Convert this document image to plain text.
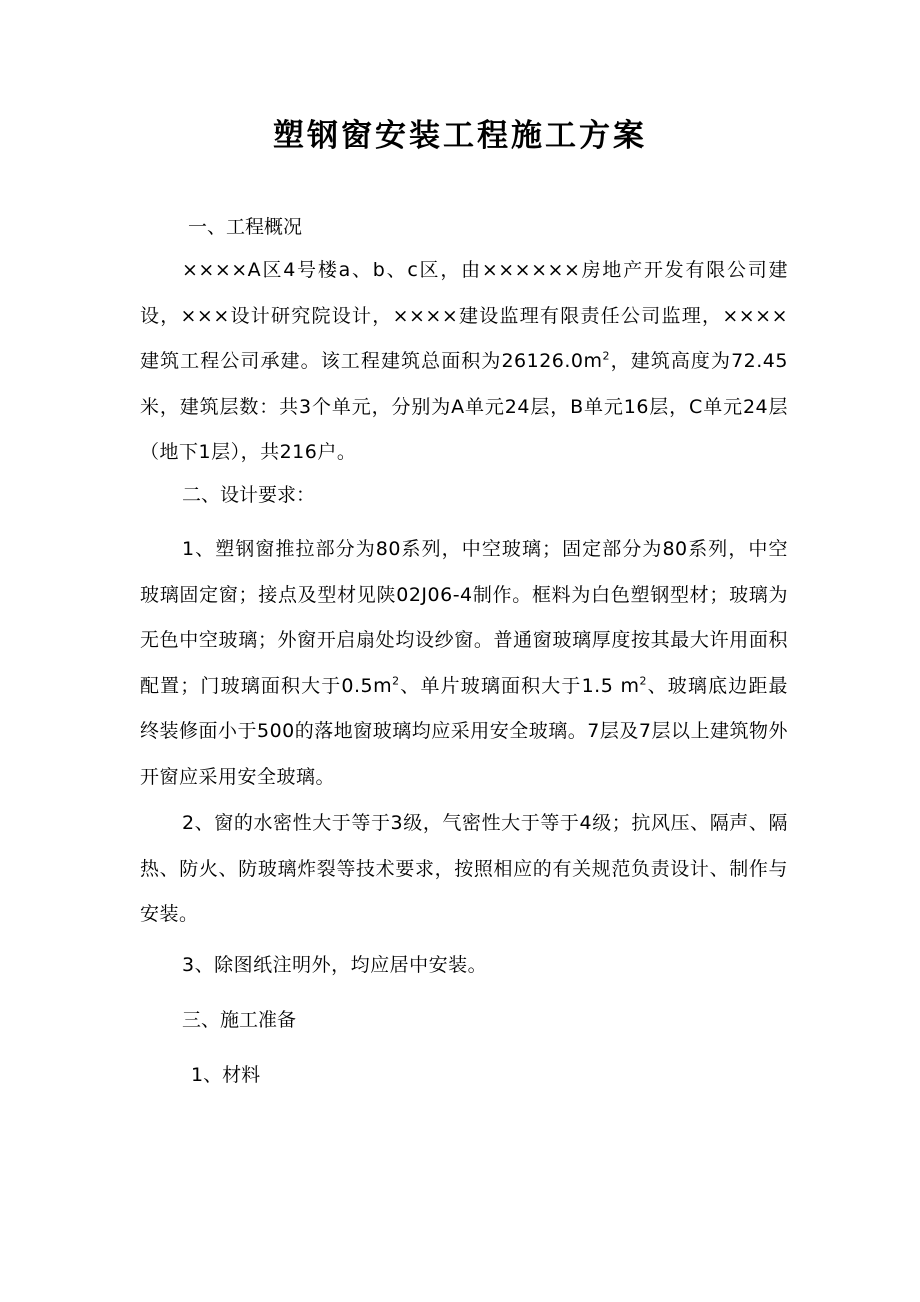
塑钢窗安装工程施工方案
一、工程概况
××××A区4号楼a、b、c区，由××××××房地产开发有限公司建设，×××设计研究院设计，××××建设监理有限责任公司监理，××××建筑工程公司承建。该工程建筑总面积为$26126.0m^2$，建筑高度为72.45米，建筑层数：共3个单元，分别为A单元24层，B单元16层，C单元24层（地下1层），共216户。
二、设计要求：
1、塑钢窗推拉部分为80系列，中空玻璃；固定部分为80系列，中空玻璃固定窗；接点及型材见陕02J06-4制作。框料为白色塑钢型材；玻璃为无色中空玻璃；外窗开启扇处均设纱窗。普通窗玻璃厚度按其最大许用面积配置；门玻璃面积大于$0.5m^2$、单片玻璃面积大于1.5 $m^2$、玻璃底边距最终装修面小于500的落地窗玻璃均应采用安全玻璃。7层及7层以上建筑物外开窗应采用安全玻璃。
2、窗的水密性大于等于3级，气密性大于等于4级；抗风压、隔声、隔热、防火、防玻璃炸裂等技术要求，按照相应的有关规范负责设计、制作与安装。
3、除图纸注明外，均应居中安装。
三、施工准备
1、材料
